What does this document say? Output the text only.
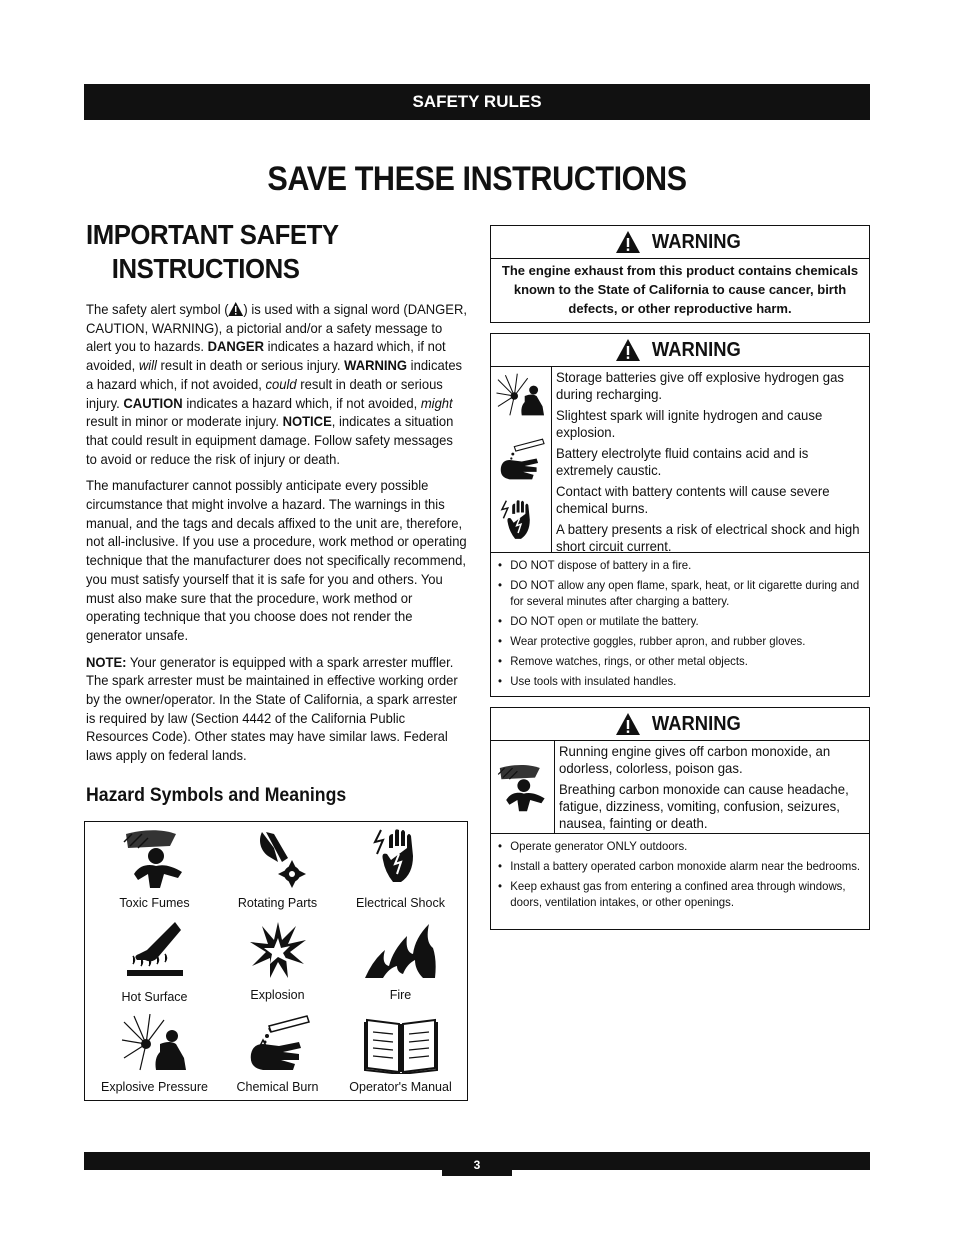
SAFETY RULES
SAVE THESE INSTRUCTIONS
IMPORTANT SAFETY
INSTRUCTIONS

The safety alert symbol ( ) is used with a signal word (DANGER, CAUTION, WARNING), a pictorial and/or a safety message to alert you to hazards. DANGER indicates a hazard which, if not avoided, will result in death or serious injury. WARNING indicates a hazard which, if not avoided, could result in death or serious injury. CAUTION indicates a hazard which, if not avoided, might result in minor or moderate injury. NOTICE, indicates a situation that could result in equipment damage. Follow safety messages to avoid or reduce the risk of injury or death.

The manufacturer cannot possibly anticipate every possible circumstance that might involve a hazard. The warnings in this manual, and the tags and decals affixed to the unit are, therefore, not all-inclusive. If you use a procedure, work method or operating technique that the manufacturer does not specifically recommend, you must satisfy yourself that it is safe for you and others. You must also make sure that the procedure, work method or operating technique that you choose does not render the generator unsafe.

NOTE: Your generator is equipped with a spark arrester muffler. The spark arrester must be maintained in effective working order by the owner/operator. In the State of California, a spark arrester is required by law (Section 4442 of the California Public Resources Code). Other states may have similar laws. Federal laws apply on federal lands.

Hazard Symbols and Meanings
Toxic Fumes	Rotating Parts	Electrical Shock
Hot Surface	Explosion	Fire
Explosive Pressure	Chemical Burn	Operator's Manual
WARNING
The engine exhaust from this product contains chemicals known to the State of California to cause cancer, birth defects, or other reproductive harm.
WARNING
Storage batteries give off explosive hydrogen gas during recharging.
Slightest spark will ignite hydrogen and cause explosion.
Battery electrolyte fluid contains acid and is extremely caustic.
Contact with battery contents will cause severe chemical burns.
A battery presents a risk of electrical shock and high short circuit current.
• DO NOT dispose of battery in a fire.
• DO NOT allow any open flame, spark, heat, or lit cigarette during and for several minutes after charging a battery.
• DO NOT open or mutilate the battery.
• Wear protective goggles, rubber apron, and rubber gloves.
• Remove watches, rings, or other metal objects.
• Use tools with insulated handles.
WARNING
Running engine gives off carbon monoxide, an odorless, colorless, poison gas.
Breathing carbon monoxide can cause headache, fatigue, dizziness, vomiting, confusion, seizures, nausea, fainting or death.
• Operate generator ONLY outdoors.
• Install a battery operated carbon monoxide alarm near the bedrooms.
• Keep exhaust gas from entering a confined area through windows, doors, ventilation intakes, or other openings.
3
